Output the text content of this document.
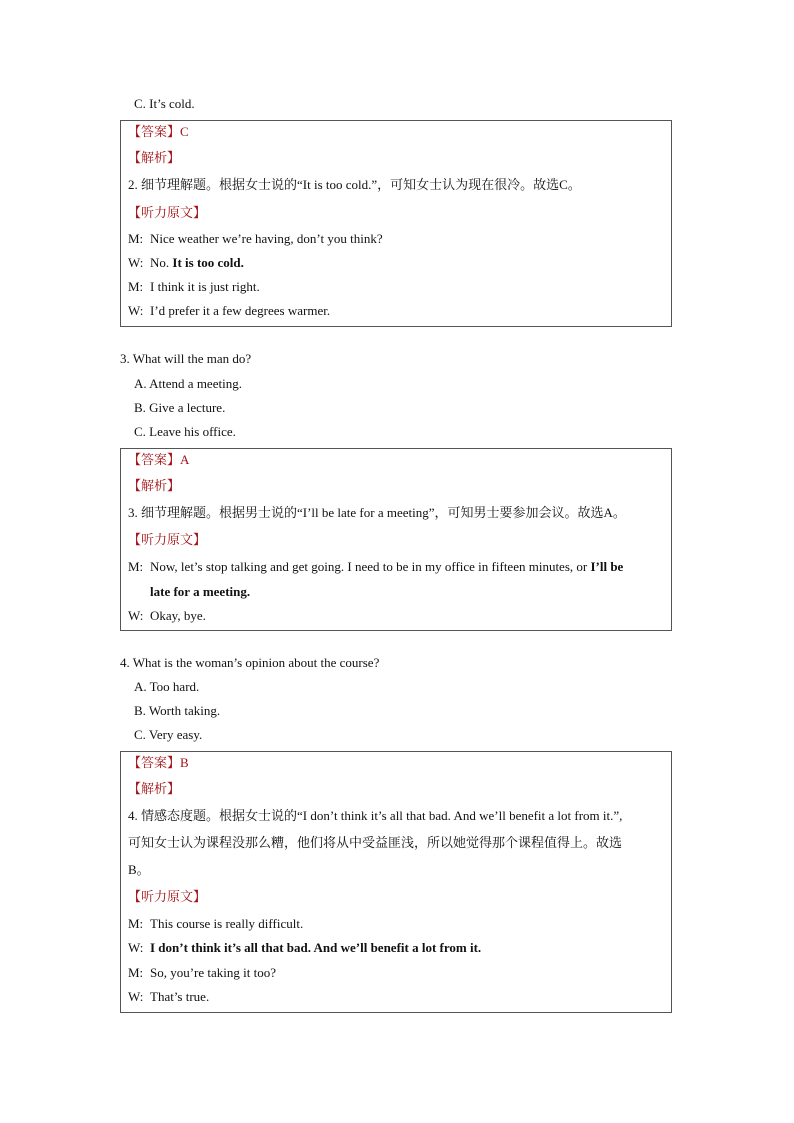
C. It’s cold.
【答案】C
【解析】
2. 细节理解题。根据女士说的“It is too cold.”，可知女士认为现在很冷。故选C。
【听力原文】
M: Nice weather we’re having, don’t you think?
W: No. It is too cold.
M: I think it is just right.
W: I’d prefer it a few degrees warmer.
3. What will the man do?
A. Attend a meeting.
B. Give a lecture.
C. Leave his office.
【答案】A
【解析】
3. 细节理解题。根据男士说的“I’ll be late for a meeting”，可知男士要参加会议。故选A。
【听力原文】
M: Now, let’s stop talking and get going. I need to be in my office in fifteen minutes, or I’ll be
late for a meeting.
W: Okay, bye.
4. What is the woman’s opinion about the course?
A. Too hard.
B. Worth taking.
C. Very easy.
【答案】B
【解析】
4. 情感态度题。根据女士说的“I don’t think it’s all that bad. And we’ll benefit a lot from it.”,
可知女士认为课程没那么糟，他们将从中受益匪浅，所以她觉得那个课程值得上。故选
B。
【听力原文】
M: This course is really difficult.
W: I don’t think it’s all that bad. And we’ll benefit a lot from it.
M: So, you’re taking it too?
W: That’s true.
